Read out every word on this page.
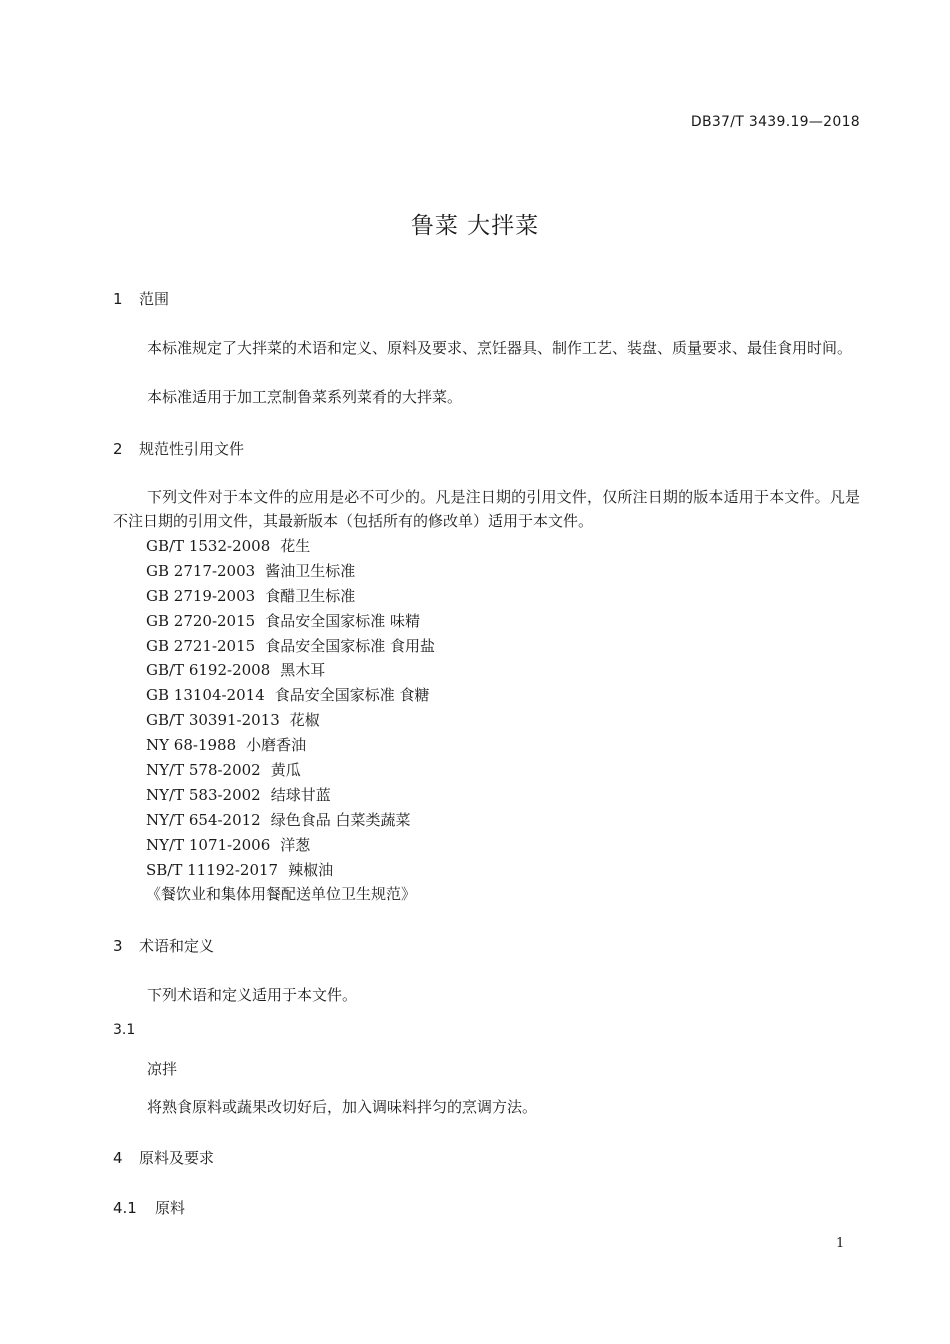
DB37/T 3439.19—2018
鲁菜 大拌菜
1 范围
本标准规定了大拌菜的术语和定义、原料及要求、烹饪器具、制作工艺、装盘、质量要求、最佳食用时间。
本标准适用于加工烹制鲁菜系列菜肴的大拌菜。
2 规范性引用文件
下列文件对于本文件的应用是必不可少的。凡是注日期的引用文件，仅所注日期的版本适用于本文件。凡是不注日期的引用文件，其最新版本（包括所有的修改单）适用于本文件。
GB/T 1532-2008 花生
GB 2717-2003 酱油卫生标准
GB 2719-2003 食醋卫生标准
GB 2720-2015 食品安全国家标准 味精
GB 2721-2015 食品安全国家标准 食用盐
GB/T 6192-2008 黑木耳
GB 13104-2014 食品安全国家标准 食糖
GB/T 30391-2013 花椒
NY 68-1988 小磨香油
NY/T 578-2002 黄瓜
NY/T 583-2002 结球甘蓝
NY/T 654-2012 绿色食品 白菜类蔬菜
NY/T 1071-2006 洋葱
SB/T 11192-2017 辣椒油
《餐饮业和集体用餐配送单位卫生规范》
3 术语和定义
下列术语和定义适用于本文件。
3.1
凉拌
将熟食原料或蔬果改切好后，加入调味料拌匀的烹调方法。
4 原料及要求
4.1 原料
1
